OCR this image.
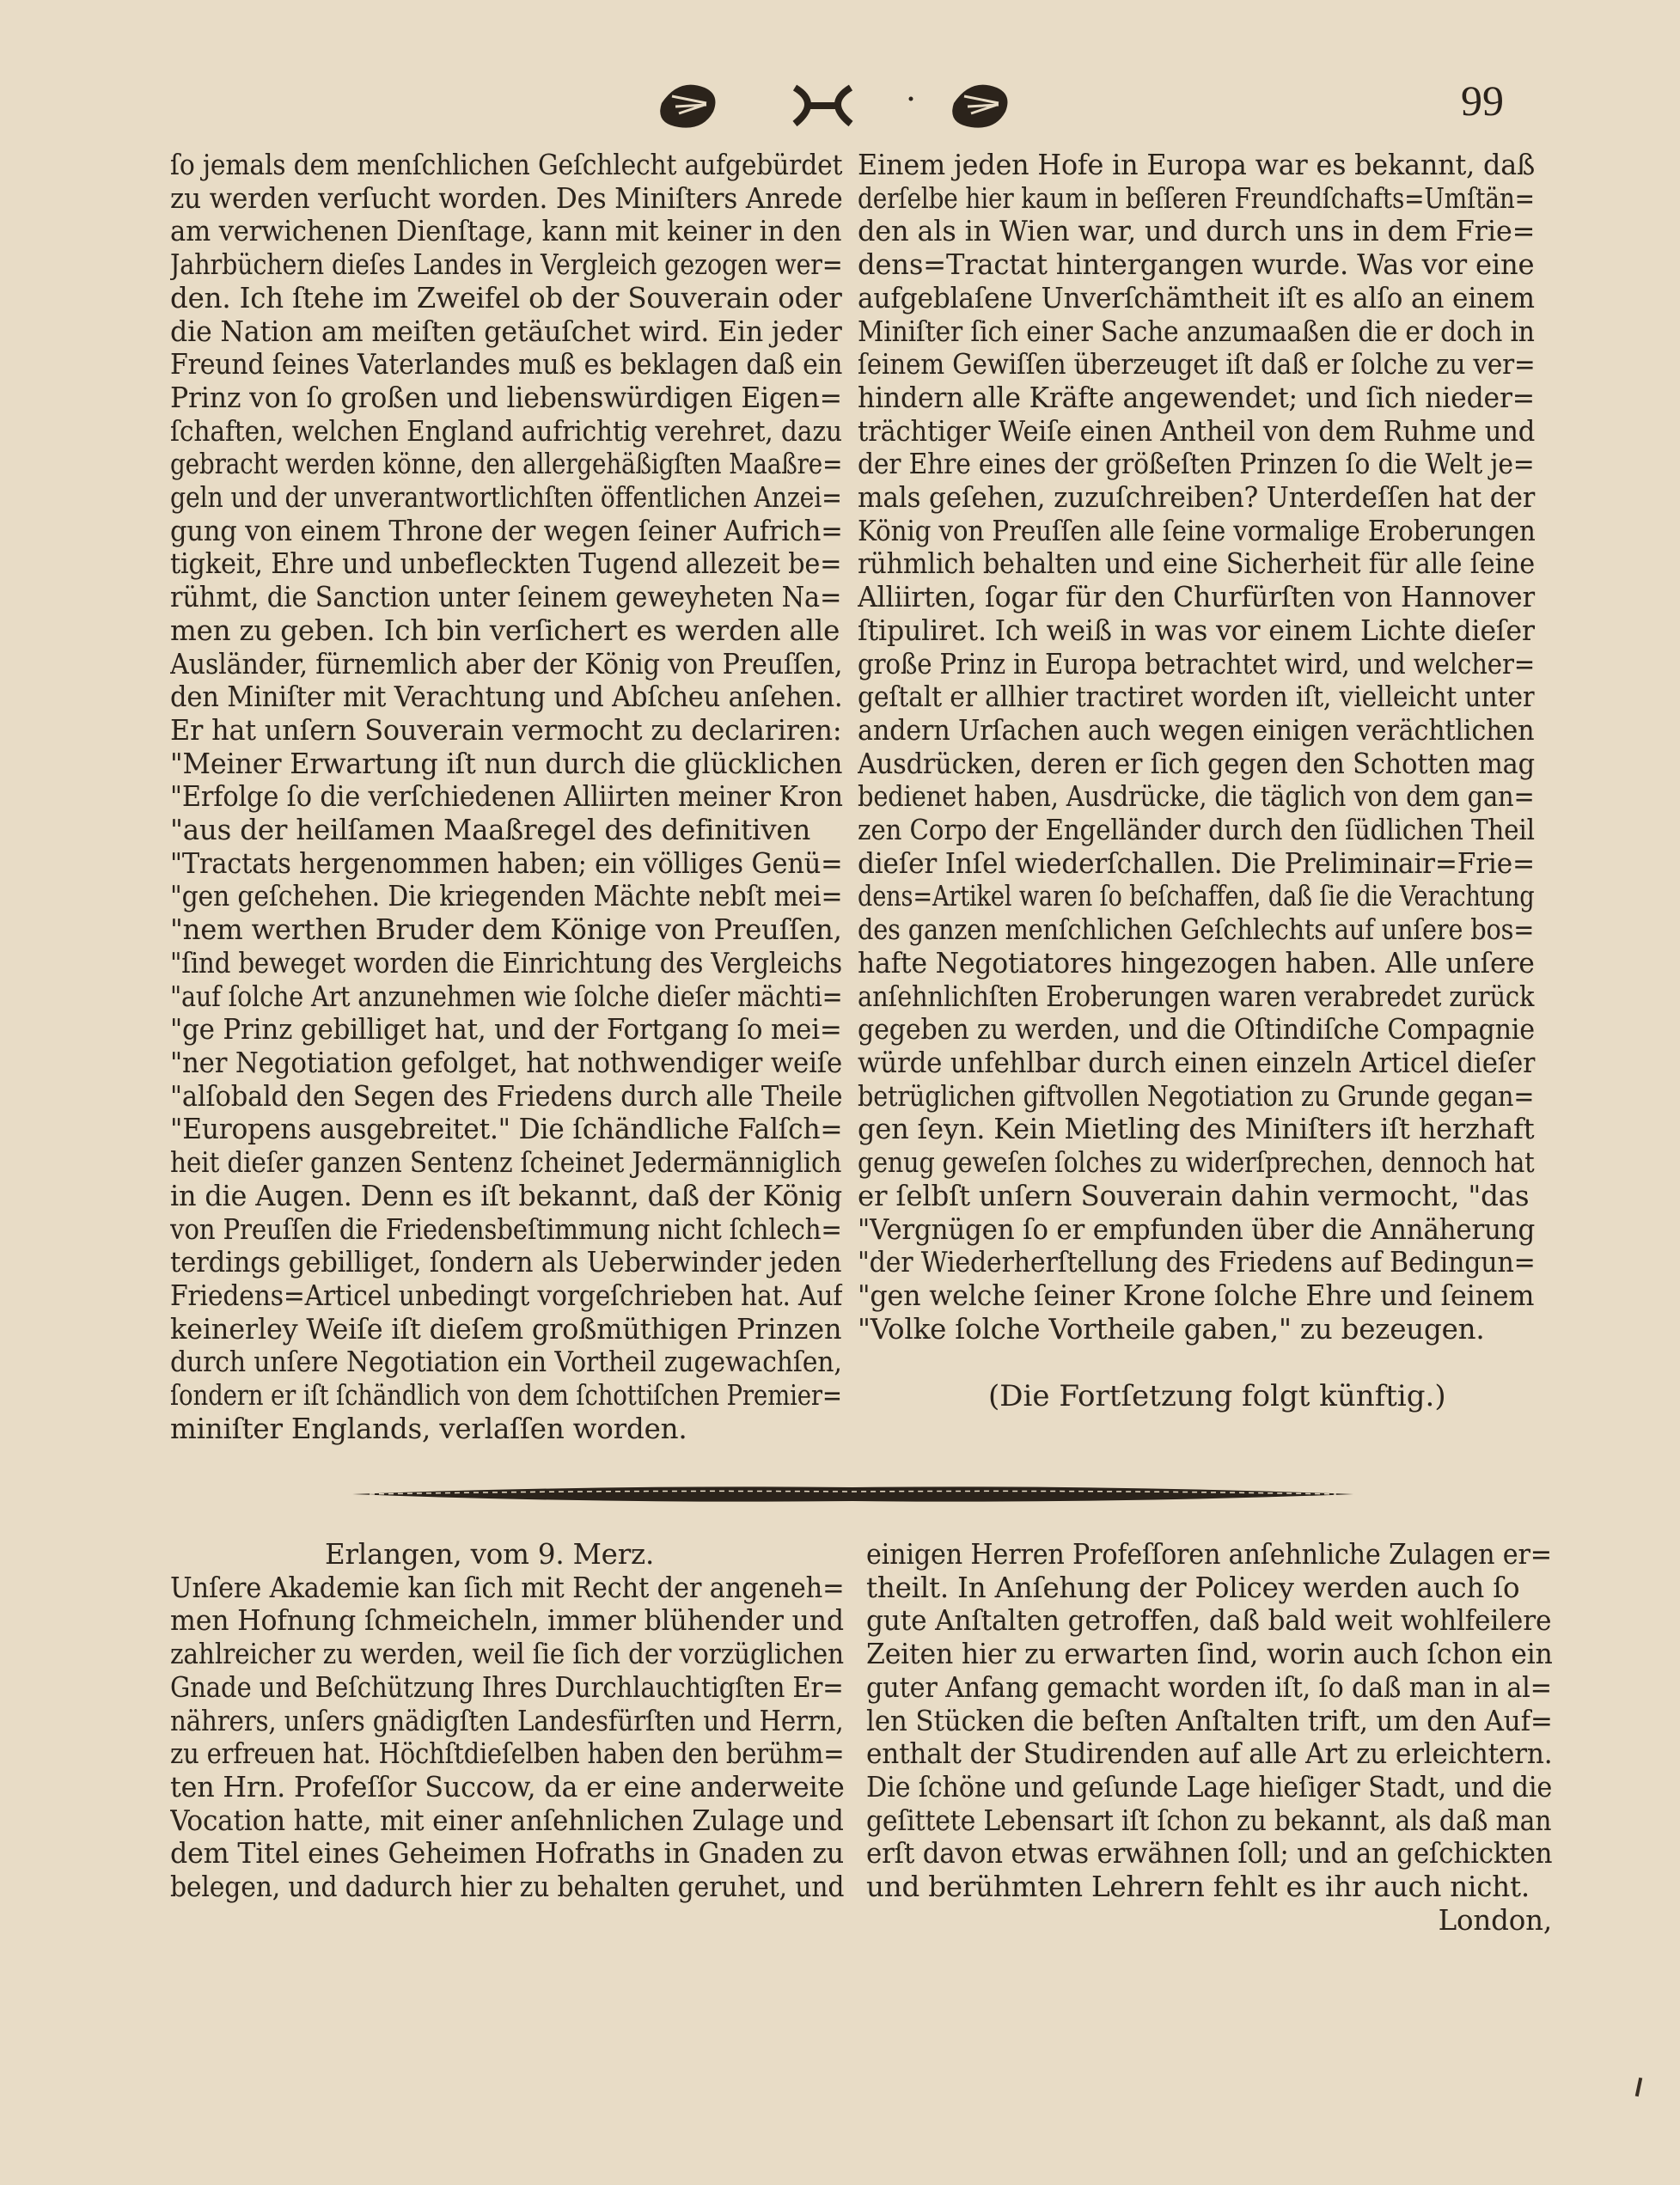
99
ſo jemals dem menſchlichen Geſchlecht aufgebürdet
zu werden verſucht worden. Des Miniſters Anrede
am verwichenen Dienſtage, kann mit keiner in den
Jahrbüchern dieſes Landes in Vergleich gezogen wer=
den. Ich ſtehe im Zweifel ob der Souverain oder
die Nation am meiſten getäuſchet wird. Ein jeder
Freund ſeines Vaterlandes muß es beklagen daß ein
Prinz von ſo großen und liebenswürdigen Eigen=
ſchaften, welchen England aufrichtig verehret, dazu
gebracht werden könne, den allergehäßigſten Maaßre=
geln und der unverantwortlichſten öffentlichen Anzei=
gung von einem Throne der wegen ſeiner Aufrich=
tigkeit, Ehre und unbefleckten Tugend allezeit be=
rühmt, die Sanction unter ſeinem geweyheten Na=
men zu geben. Ich bin verſichert es werden alle
Ausländer, fürnemlich aber der König von Preuſſen,
den Miniſter mit Verachtung und Abſcheu anſehen.
Er hat unſern Souverain vermocht zu declariren:
"Meiner Erwartung iſt nun durch die glücklichen
"Erfolge ſo die verſchiedenen Alliirten meiner Kron
"aus der heilſamen Maaßregel des definitiven
"Tractats hergenommen haben; ein völliges Genü=
"gen geſchehen. Die kriegenden Mächte nebſt mei=
"nem werthen Bruder dem Könige von Preuſſen,
"ſind beweget worden die Einrichtung des Vergleichs
"auf ſolche Art anzunehmen wie ſolche dieſer mächti=
"ge Prinz gebilliget hat, und der Fortgang ſo mei=
"ner Negotiation gefolget, hat nothwendiger weiſe
"alſobald den Segen des Friedens durch alle Theile
"Europens ausgebreitet." Die ſchändliche Falſch=
heit dieſer ganzen Sentenz ſcheinet Jedermänniglich
in die Augen. Denn es iſt bekannt, daß der König
von Preuſſen die Friedensbeſtimmung nicht ſchlech=
terdings gebilliget, ſondern als Ueberwinder jeden
Friedens=Articel unbedingt vorgeſchrieben hat. Auf
keinerley Weiſe iſt dieſem großmüthigen Prinzen
durch unſere Negotiation ein Vortheil zugewachſen,
ſondern er iſt ſchändlich von dem ſchottiſchen Premier=
miniſter Englands, verlaſſen worden.
Einem jeden Hofe in Europa war es bekannt, daß
derſelbe hier kaum in beſſeren Freundſchafts=Umſtän=
den als in Wien war, und durch uns in dem Frie=
dens=Tractat hintergangen wurde. Was vor eine
aufgeblaſene Unverſchämtheit iſt es alſo an einem
Miniſter ſich einer Sache anzumaaßen die er doch in
ſeinem Gewiſſen überzeuget iſt daß er ſolche zu ver=
hindern alle Kräfte angewendet; und ſich nieder=
trächtiger Weiſe einen Antheil von dem Ruhme und
der Ehre eines der größeſten Prinzen ſo die Welt je=
mals geſehen, zuzuſchreiben? Unterdeſſen hat der
König von Preuſſen alle ſeine vormalige Eroberungen
rühmlich behalten und eine Sicherheit für alle ſeine
Alliirten, ſogar für den Churfürſten von Hannover
ſtipuliret. Ich weiß in was vor einem Lichte dieſer
große Prinz in Europa betrachtet wird, und welcher=
geſtalt er allhier tractiret worden iſt, vielleicht unter
andern Urſachen auch wegen einigen verächtlichen
Ausdrücken, deren er ſich gegen den Schotten mag
bedienet haben, Ausdrücke, die täglich von dem gan=
zen Corpo der Engelländer durch den ſüdlichen Theil
dieſer Inſel wiederſchallen. Die Preliminair=Frie=
dens=Artikel waren ſo beſchaffen, daß ſie die Verachtung
des ganzen menſchlichen Geſchlechts auf unſere bos=
hafte Negotiatores hingezogen haben. Alle unſere
anſehnlichſten Eroberungen waren verabredet zurück
gegeben zu werden, und die Oſtindiſche Compagnie
würde unfehlbar durch einen einzeln Articel dieſer
betrüglichen giftvollen Negotiation zu Grunde gegan=
gen ſeyn. Kein Mietling des Miniſters iſt herzhaft
genug geweſen ſolches zu widerſprechen, dennoch hat
er ſelbſt unſern Souverain dahin vermocht, "das
"Vergnügen ſo er empfunden über die Annäherung
"der Wiederherſtellung des Friedens auf Bedingun=
"gen welche ſeiner Krone ſolche Ehre und ſeinem
"Volke ſolche Vortheile gaben," zu bezeugen.
(Die Fortſetzung folgt künftig.)
Erlangen, vom 9. Merz.
Unſere Akademie kan ſich mit Recht der angeneh=
men Hofnung ſchmeicheln, immer blühender und
zahlreicher zu werden, weil ſie ſich der vorzüglichen
Gnade und Beſchützung Ihres Durchlauchtigſten Er=
nährers, unſers gnädigſten Landesfürſten und Herrn,
zu erfreuen hat. Höchſtdieſelben haben den berühm=
ten Hrn. Profeſſor Succow, da er eine anderweite
Vocation hatte, mit einer anſehnlichen Zulage und
dem Titel eines Geheimen Hofraths in Gnaden zu
belegen, und dadurch hier zu behalten geruhet, und
einigen Herren Profeſſoren anſehnliche Zulagen er=
theilt. In Anſehung der Policey werden auch ſo
gute Anſtalten getroffen, daß bald weit wohlfeilere
Zeiten hier zu erwarten ſind, worin auch ſchon ein
guter Anfang gemacht worden iſt, ſo daß man in al=
len Stücken die beſten Anſtalten trift, um den Auf=
enthalt der Studirenden auf alle Art zu erleichtern.
Die ſchöne und geſunde Lage hieſiger Stadt, und die
geſittete Lebensart iſt ſchon zu bekannt, als daß man
erſt davon etwas erwähnen ſoll; und an geſchickten
und berühmten Lehrern fehlt es ihr auch nicht.
London,
